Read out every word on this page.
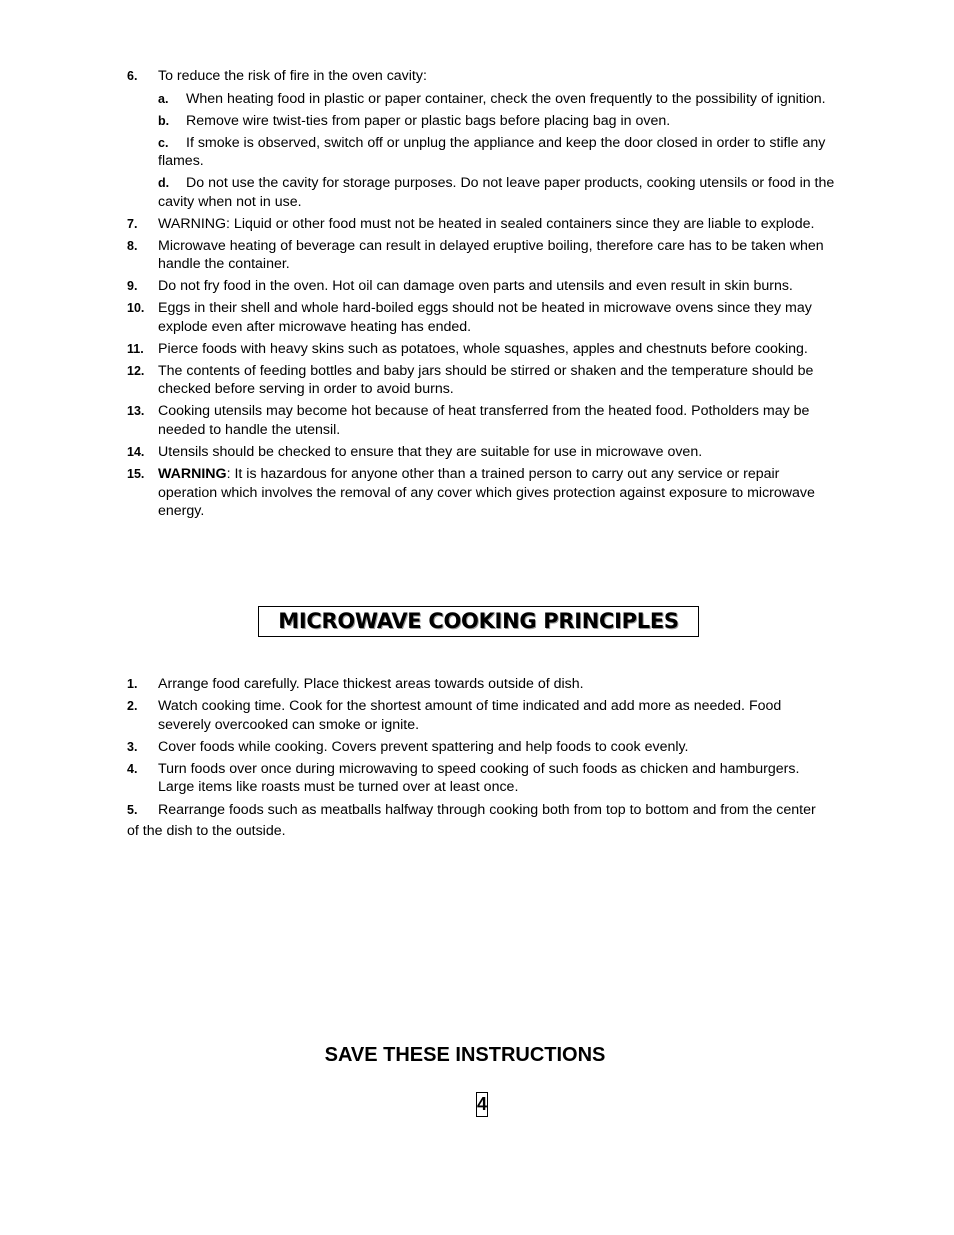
6. To reduce the risk of fire in the oven cavity:
a. When heating food in plastic or paper container, check the oven frequently to the possibility of ignition.
b. Remove wire twist-ties from paper or plastic bags before placing bag in oven.
c. If smoke is observed, switch off or unplug the appliance and keep the door closed in order to stifle any flames.
d. Do not use the cavity for storage purposes. Do not leave paper products, cooking utensils or food in the cavity when not in use.
7. WARNING: Liquid or other food must not be heated in sealed containers since they are liable to explode.
8. Microwave heating of beverage can result in delayed eruptive boiling, therefore care has to be taken when handle the container.
9. Do not fry food in the oven. Hot oil can damage oven parts and utensils and even result in skin burns.
10. Eggs in their shell and whole hard-boiled eggs should not be heated in microwave ovens since they may explode even after microwave heating has ended.
11. Pierce foods with heavy skins such as potatoes, whole squashes, apples and chestnuts before cooking.
12. The contents of feeding bottles and baby jars should be stirred or shaken and the temperature should be checked before serving in order to avoid burns.
13. Cooking utensils may become hot because of heat transferred from the heated food. Potholders may be needed to handle the utensil.
14. Utensils should be checked to ensure that they are suitable for use in microwave oven.
15. WARNING: It is hazardous for anyone other than a trained person to carry out any service or repair operation which involves the removal of any cover which gives protection against exposure to microwave energy.
MICROWAVE COOKING PRINCIPLES
1. Arrange food carefully. Place thickest areas towards outside of dish.
2. Watch cooking time. Cook for the shortest amount of time indicated and add more as needed. Food severely overcooked can smoke or ignite.
3. Cover foods while cooking. Covers prevent spattering and help foods to cook evenly.
4. Turn foods over once during microwaving to speed cooking of such foods as chicken and hamburgers. Large items like roasts must be turned over at least once.
5. Rearrange foods such as meatballs halfway through cooking both from top to bottom and from the center of the dish to the outside.
SAVE THESE INSTRUCTIONS
4
